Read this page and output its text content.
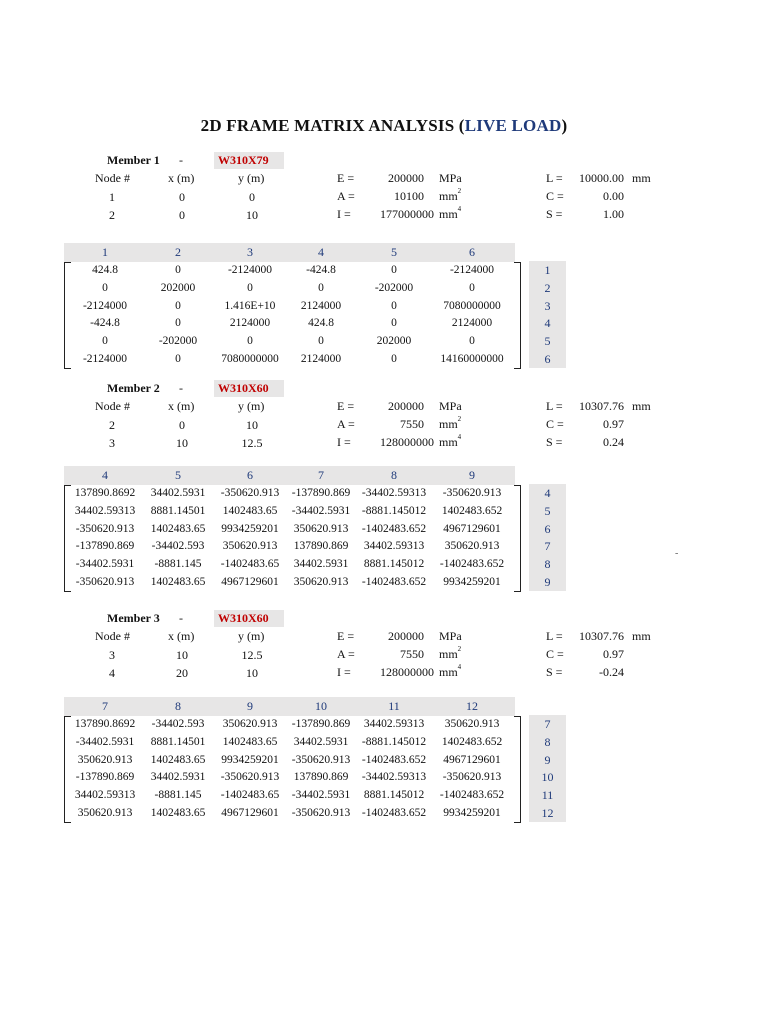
2D FRAME MATRIX ANALYSIS (LIVE LOAD)
Member 1 -	W310X79
Node #	x (m)	y (m)
1	0	0
2	0	10
E =	200000 MPa
A =	10100 $mm^2$
I = 177000000 $mm^4$
L =	10000.00 mm
C =	0.00
S =	1.00
1	2	3	4	5	6
424.8	0	-2124000	-424.8	0	-2124000	1
0	202000	0	0	-202000	0	2
-2124000	0	1.416E+10	2124000	0	7080000000	3
-424.8	0	2124000	424.8	0	2124000	4
0	-202000	0	0	202000	0	5
-2124000	0	7080000000	2124000	0	14160000000	6
Member 2 -	W310X60
Node #	x (m)	y (m)
2	0	10
3	10	12.5
E =	200000 MPa
A =	7550 $mm^2$
I = 128000000 $mm^4$
L =	10307.76 mm
C =	0.97
S =	0.24
4	5	6	7	8	9
137890.8692	34402.5931	-350620.913	-137890.869	-34402.59313	-350620.913	4
34402.59313	8881.14501	1402483.65	-34402.5931	-8881.145012	1402483.652	5
-350620.913	1402483.65	9934259201	350620.913	-1402483.652	4967129601	6
-137890.869	-34402.593	350620.913	137890.869	34402.59313	350620.913	7
-34402.5931	-8881.145	-1402483.65	34402.5931	8881.145012	-1402483.652	8
-350620.913	1402483.65	4967129601	350620.913	-1402483.652	9934259201	9
Member 3 -	W310X60
Node #	x (m)	y (m)
3	10	12.5
4	20	10
E =	200000 MPa
A =	7550 $mm^2$
I = 128000000 $mm^4$
L =	10307.76 mm
C =	0.97
S =	-0.24
7	8	9	10	11	12
137890.8692	-34402.593	350620.913	-137890.869	34402.59313	350620.913	7
-34402.5931	8881.14501	1402483.65	34402.5931	-8881.145012	1402483.652	8
350620.913	1402483.65	9934259201	-350620.913	-1402483.652	4967129601	9
-137890.869	34402.5931	-350620.913	137890.869	-34402.59313	-350620.913	10
34402.59313	-8881.145	-1402483.65	-34402.5931	8881.145012	-1402483.652	11
350620.913	1402483.65	4967129601	-350620.913	-1402483.652	9934259201	12
-
